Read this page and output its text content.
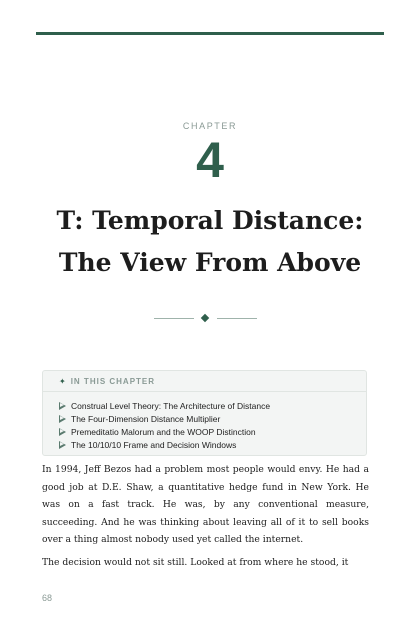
CHAPTER
4
T: Temporal Distance:
The View From Above
✦ IN THIS CHAPTER
Construal Level Theory: The Architecture of Distance
The Four-Dimension Distance Multiplier
Premeditatio Malorum and the WOOP Distinction
The 10/10/10 Frame and Decision Windows

In 1994, Jeff Bezos had a problem most people would envy. He had a good job at D.E. Shaw, a quantitative hedge fund in New York. He was on a fast track. He was, by any conventional measure, succeeding. And he was thinking about leaving all of it to sell books over a thing almost nobody used yet called the internet.

The decision would not sit still. Looked at from where he stood, it

68
